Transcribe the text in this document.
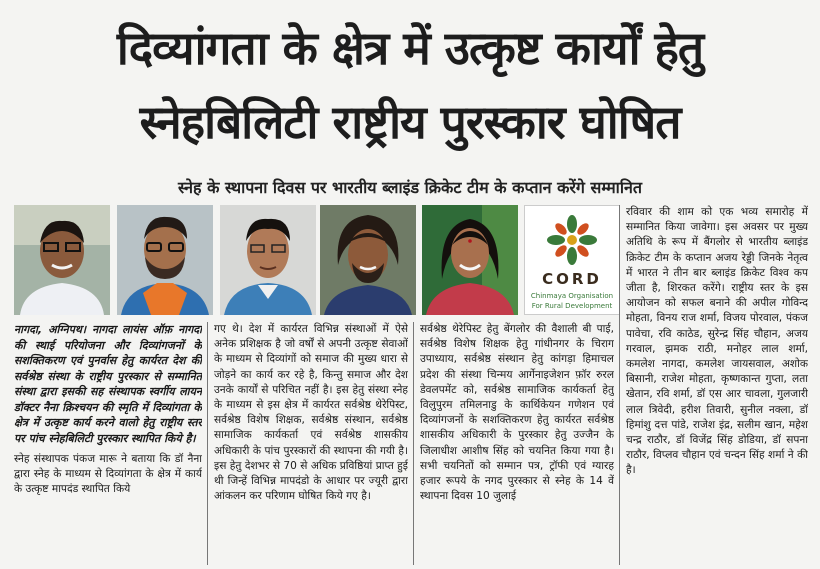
दिव्यांगता के क्षेत्र में उत्कृष्ट कार्यों हेतु
स्नेहबिलिटी राष्ट्रीय पुरस्कार घोषित
स्नेह के स्थापना दिवस पर भारतीय ब्लाइंड क्रिकेट टीम के कप्तान करेंगे सम्मानित
CORD
Chinmaya Organisation
For Rural Development
नागदा, अग्निपथ। नागदा लायंस ऑफ़ नागदा की स्थाई परियोजना और दिव्यांगजनों के सशक्तिकरण एवं पुनर्वास हेतु कार्यरत देश की सर्वश्रेष्ठ संस्था के राष्ट्रीय पुरस्कार से सम्मानित संस्था द्वारा इसकी सह संस्थापक स्वर्गीय लायन डॉक्टर नैना क्रिश्चयन की स्मृति में दिव्यांगता के क्षेत्र में उत्कृष्ट कार्य करने वालो हेतु राष्ट्रीय स्तर पर पांच स्नेहबिलिटी पुरस्कार स्थापित किये है।
स्नेह संस्थापक पंकज मारू ने बताया कि डॉ नैना द्वारा स्नेह के माध्यम से दिव्यांगता के क्षेत्र में कार्य के उत्कृष्ट मापदंड स्थापित किये
गए थे। देश में कार्यरत विभिन्न संस्थाओं में ऐसे अनेक प्रशिक्षक है जो वर्षों से अपनी उत्कृष्ट सेवाओं के माध्यम से दिव्यांगों को समाज की मुख्य धारा से जोड़ने का कार्य कर रहे है, किन्तु समाज और देश उनके कार्यों से परिचित नहीं है। इस हेतु संस्था स्नेह के माध्यम से इस क्षेत्र में कार्यरत सर्वश्रेष्ठ थेरेपिस्ट, सर्वश्रेष्ठ विशेष शिक्षक, सर्वश्रेष्ठ संस्थान, सर्वश्रेष्ठ सामाजिक कार्यकर्ता एवं सर्वश्रेष्ठ शासकीय अधिकारी के पांच पुरस्कारों की स्थापना की गयी है। इस हेतु देशभर से 70 से अधिक प्रविष्ठियां प्राप्त हुई थी जिन्हें विभिन्न मापदंडो के आधार पर ज्यूरी द्वारा आंकलन कर परिणाम घोषित किये गए है।
सर्वश्रेष्ठ थेरेपिस्ट हेतु बेंगलोर की वैशाली बी पाई, सर्वश्रेष्ठ विशेष शिक्षक हेतु गांधीनगर के चिराग उपाध्याय, सर्वश्रेष्ठ संस्थान हेतु कांगड़ा हिमाचल प्रदेश की संस्था चिन्मय आर्गेनाइजेशन फ़ॉर रुरल डेवलपमेंट को, सर्वश्रेष्ठ सामाजिक कार्यकर्ता हेतु विलुपुरम तमिलनाडु के कार्थिकेयन गणेशन एवं दिव्यांगजनों के सशक्तिकरण हेतु कार्यरत सर्वश्रेष्ठ शासकीय अधिकारी के पुरस्कार हेतु उज्जैन के जिलाधीश आशीष सिंह को चयनित किया गया है। सभी चयनितों को सम्मान पत्र, ट्रॉफी एवं ग्यारह हजार रूपये के नगद पुरस्कार से स्नेह के 14 वें स्थापना दिवस 10 जुलाई
रविवार की शाम को एक भव्य समारोह में सम्मानित किया जावेगा। इस अवसर पर मुख्य अतिथि के रूप में बैंगलोर से भारतीय ब्लाइंड क्रिकेट टीम के कप्तान अजय रेड्डी जिनके नेतृत्व में भारत ने तीन बार ब्लाइंड क्रिकेट विश्व कप जीता है, शिरकत करेंगे। राष्ट्रीय स्तर के इस आयोजन को सफल बनाने की अपील गोविन्द मोहता, विनय राज शर्मा, विजय पोरवाल, पंकज पावेचा, रवि काठेड, सुरेन्द्र सिंह चौहान, अजय गरवाल, झमक राठी, मनोहर लाल शर्मा, कमलेश नागदा, कमलेश जायसवाल, अशोक बिसानी, राजेश मोहता, कृष्णकान्त गुप्ता, लता खेतान, रवि शर्मा, डॉ एस आर चावला, गुलजारी लाल त्रिवेदी, हरीश तिवारी, सुनील नक्ला, डॉ हिमांशु दत्त पांडे, राजेश इंद्र, सलीम खान, महेश चन्द्र राठौर, डॉ विजेंद्र सिंह डोडिया, डॉ सपना राठौर, विप्लव चौहान एवं चन्दन सिंह शर्मा ने की है।
